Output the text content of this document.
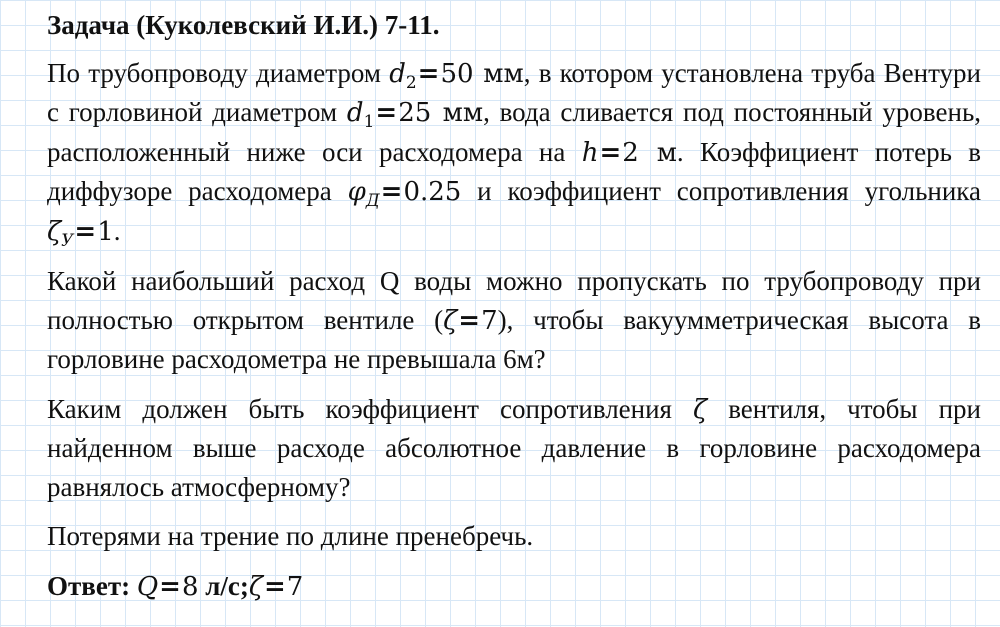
Задача (Куколевский И.И.) 7-11.

По трубопроводу диаметром $d_2=50$ мм, в котором установлена труба Вентури с горловиной диаметром $d_1=25$ мм, вода сливается под постоянный уровень, расположенный ниже оси расходомера на h=2 м. Коэффициент потерь в диффузоре расходомера $\varphi_Д=0.25$ и коэффициент сопротивления угольника $\zeta_У=1$.

Какой наибольший расход Q воды можно пропускать по трубопроводу при полностью открытом вентиле (ζ=7), чтобы вакуумметрическая высота в горловине расходометра не превышала 6м?

Каким должен быть коэффициент сопротивления ζ вентиля, чтобы при найденном выше расходе абсолютное давление в горловине расходомера равнялось атмосферному?

Потерями на трение по длине пренебречь.

Ответ: Q=8 л/с;ζ=7
